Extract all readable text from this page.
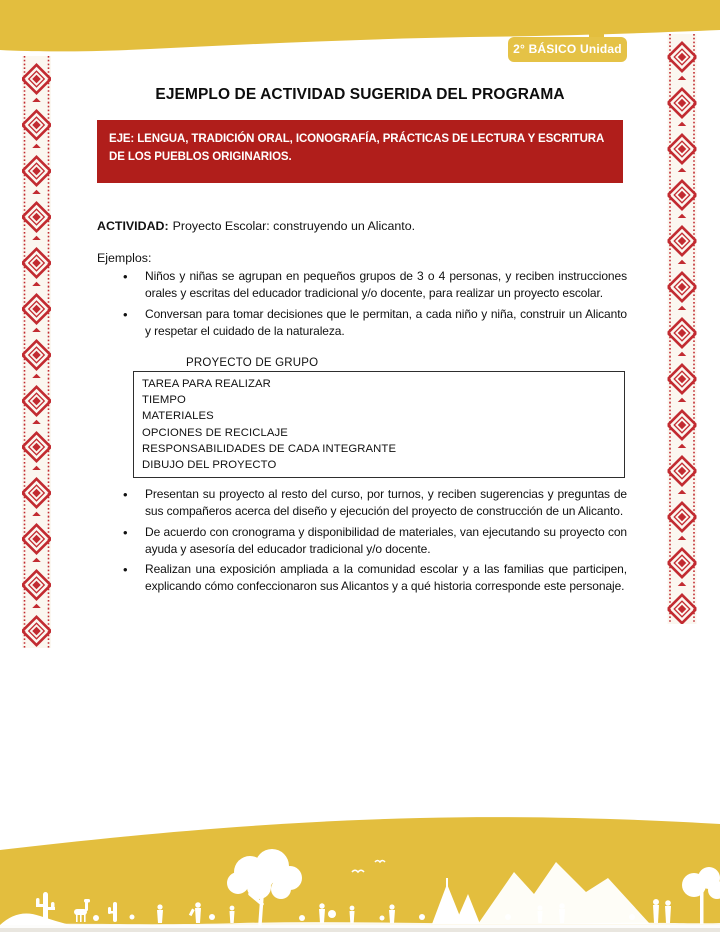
2° BÁSICO Unidad 2
EJEMPLO DE ACTIVIDAD SUGERIDA DEL PROGRAMA
EJE: LENGUA, TRADICIÓN ORAL, ICONOGRAFÍA, PRÁCTICAS DE LECTURA Y ESCRITURA DE LOS PUEBLOS ORIGINARIOS.
ACTIVIDAD: Proyecto Escolar: construyendo un Alicanto.
Ejemplos:
• Niños y niñas se agrupan en pequeños grupos de 3 o 4 personas, y reciben instrucciones orales y escritas del educador tradicional y/o docente, para realizar un proyecto escolar.
• Conversan para tomar decisiones que le permitan, a cada niño y niña, construir un Alicanto y respetar el cuidado de la naturaleza.
PROYECTO DE GRUPO
TAREA PARA REALIZAR
TIEMPO
MATERIALES
OPCIONES DE RECICLAJE
RESPONSABILIDADES DE CADA INTEGRANTE
DIBUJO DEL PROYECTO
• Presentan su proyecto al resto del curso, por turnos, y reciben sugerencias y preguntas de sus compañeros acerca del diseño y ejecución del proyecto de construcción de un Alicanto.
• De acuerdo con cronograma y disponibilidad de materiales, van ejecutando su proyecto con ayuda y asesoría del educador tradicional y/o docente.
• Realizan una exposición ampliada a la comunidad escolar y a las familias que participen, explicando cómo confeccionaron sus Alicantos y a qué historia corresponde este personaje.
